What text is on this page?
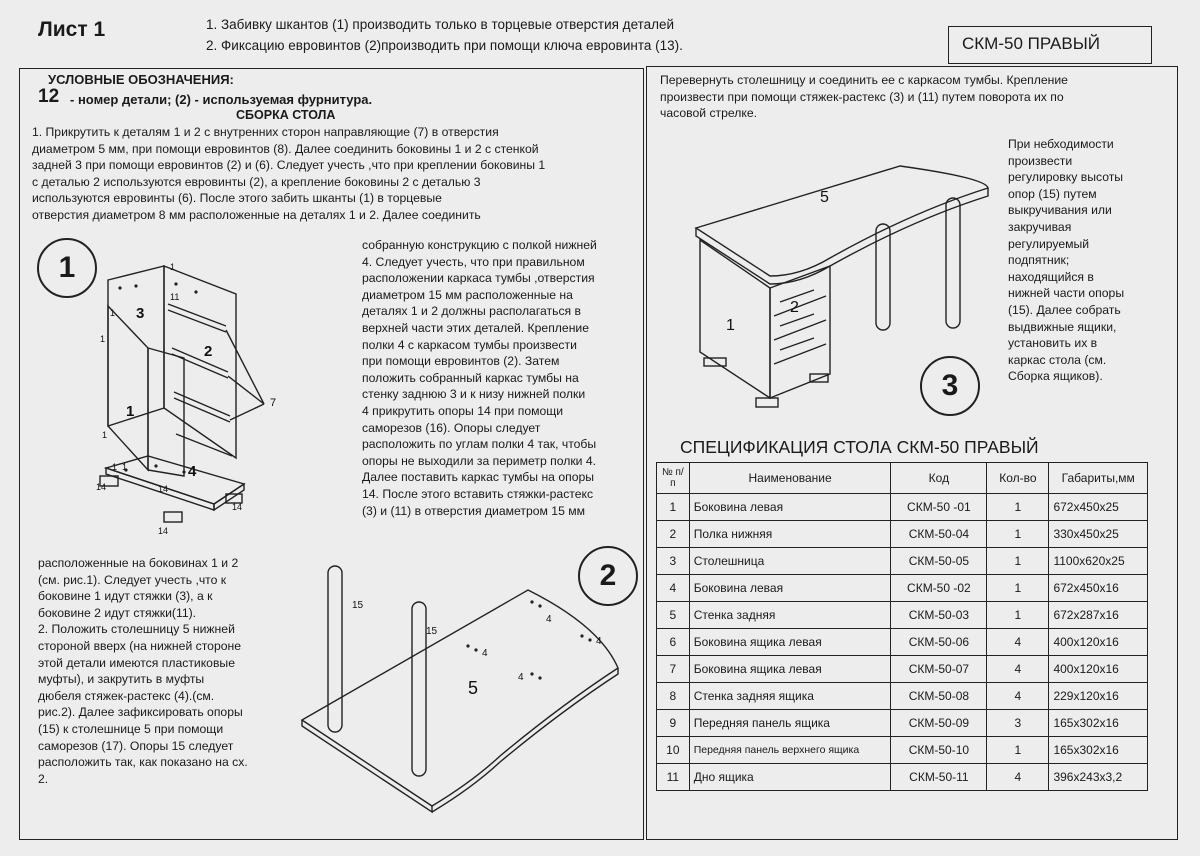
Лист 1	1. Забивку шкантов (1) производить только в торцевые отверстия деталей
2. Фиксацию евровинтов (2)производить при помощи ключа евровинта (13).	СКМ-50 ПРАВЫЙ
УСЛОВНЫЕ ОБОЗНАЧЕНИЯ:
12 - номер детали; (2) - используемая фурнитура.
СБОРКА СТОЛА
1. Прикрутить к деталям 1 и 2 с внутренних сторон направляющие (7) в отверстия
диаметром 5 мм, при помощи евровинтов (8). Далее соединить боковины 1 и 2 с стенкой
задней 3 при помощи евровинтов (2) и (6). Следует учесть ,что при креплении боковины 1
с деталью 2 используются евровинты (2), а крепление боковины 2 с деталью 3
используются евровинты (6). После этого забить шканты (1) в торцевые
отверстия диаметром 8 мм расположенные на деталях 1 и 2. Далее соединить
собранную конструкцию с полкой нижней
4. Следует учесть, что при правильном
расположении каркаса тумбы ,отверстия
диаметром 15 мм расположенные на
деталях 1 и 2 должны располагаться в
верхней части этих деталей. Крепление
полки 4 с каркасом тумбы произвести
при помощи евровинтов (2). Затем
положить собранный каркас тумбы на
стенку заднюю 3 и к низу нижней полки
4 прикрутить опоры 14 при помощи
саморезов (16). Опоры следует
расположить по углам полки 4 так, чтобы
опоры не выходили за периметр полки 4.
Далее поставить каркас тумбы на опоры
14. После этого вставить стяжки-растекс
(3) и (11) в отверстия диаметром 15 мм
расположенные на боковинах 1 и 2
(см. рис.1). Следует учесть ,что к
боковине 1 идут стяжки (3), а к
боковине 2 идут стяжки(11).
2. Положить столешницу 5 нижней
стороной вверх (на нижней стороне
этой детали имеются пластиковые
муфты), и закрутить в муфты
дюбеля стяжек-растекс (4).(см.
рис.2). Далее зафиксировать опоры
(15) к столешнице 5 при помощи
саморезов (17). Опоры 15 следует
расположить так, как показано на сх.
2.
Перевернуть столешницу и соединить ее с каркасом тумбы. Крепление
произвести при помощи стяжек-растекс (3) и (11) путем поворота их по
часовой стрелке.
При небходимости
произвести
регулировку высоты
опор (15) путем
выкручивания или
закручивая
регулируемый
подпятник;
находящийся в
нижней части опоры
(15). Далее собрать
выдвижные ящики,
установить их в
каркас стола (см.
Сборка ящиков).
1
2
3
3
2
1
4
7
1
11
1
1
1
1 1
14	14
14
14
5
15
15
4
4
4
4
5
1
2
СПЕЦИФИКАЦИЯ СТОЛА СКМ-50 ПРАВЫЙ
№ п/п	Наименование	Код	Кол-во	Габариты,мм
1	Боковина левая	СКМ-50 -01	1	672х450х25
2	Полка нижняя	СКМ-50-04	1	330х450х25
3	Столешница	СКМ-50-05	1	1100х620х25
4	Боковина левая	СКМ-50 -02	1	672х450х16
5	Стенка задняя	СКМ-50-03	1	672х287х16
6	Боковина ящика левая	СКМ-50-06	4	400х120х16
7	Боковина ящика левая	СКМ-50-07	4	400х120х16
8	Стенка задняя ящика	СКМ-50-08	4	229х120х16
9	Передняя панель ящика	СКМ-50-09	3	165х302х16
10	Передняя панель верхнего ящика	СКМ-50-10	1	165х302х16
11	Дно ящика	СКМ-50-11	4	396х243х3,2
